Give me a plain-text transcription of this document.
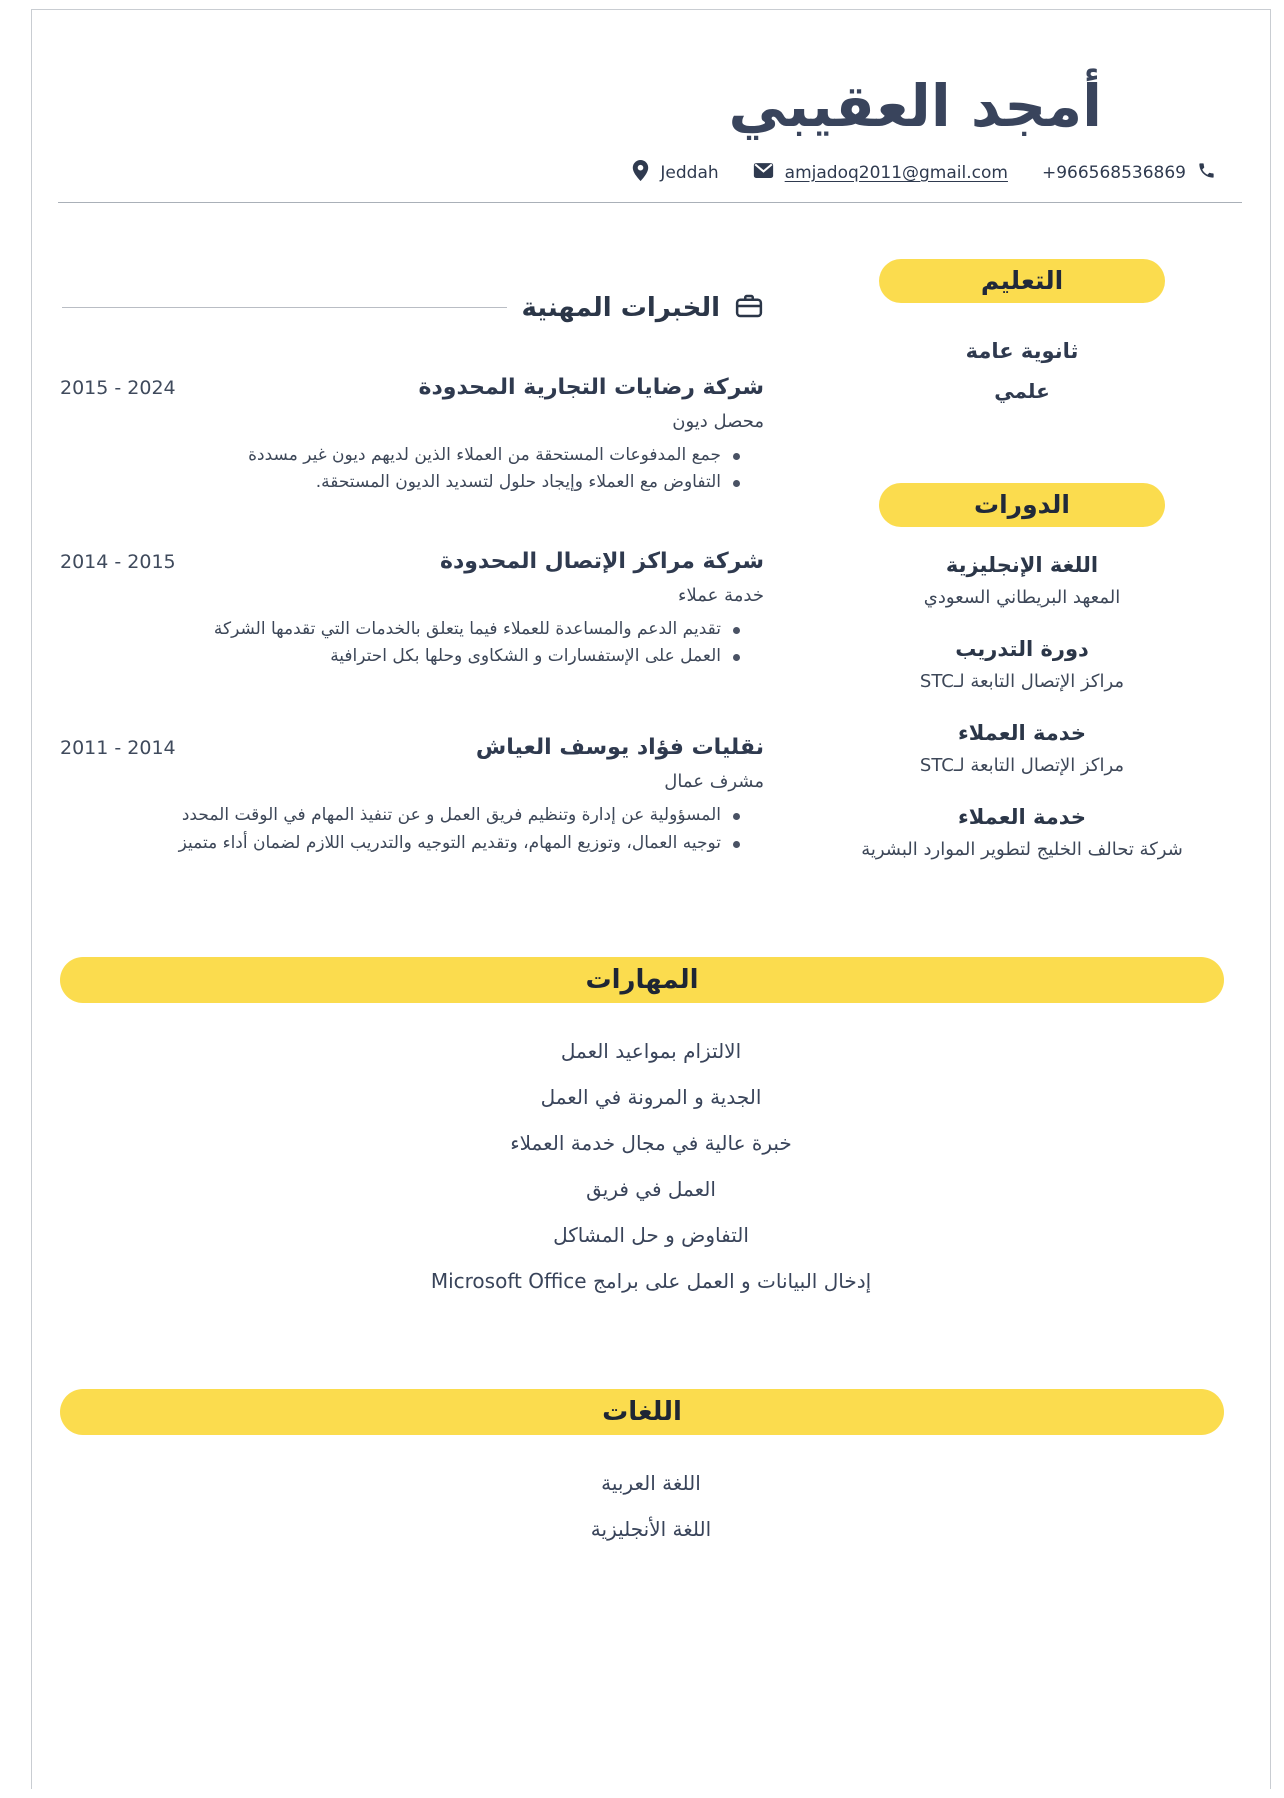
أمجد العقيبي
+966568536869
amjadoq2011@gmail.com
Jeddah
التعليم
ثانوية عامة
علمي
الدورات
اللغة الإنجليزية
المعهد البريطاني السعودي
دورة التدريب
مراكز الإتصال التابعة لـSTC
خدمة العملاء
مراكز الإتصال التابعة لـSTC
خدمة العملاء
شركة تحالف الخليج لتطوير الموارد البشرية
الخبرات المهنية
شركة رضايات التجارية المحدودة
2015 - 2024
محصل ديون
جمع المدفوعات المستحقة من العملاء الذين لديهم ديون غير مسددة
التفاوض مع العملاء وإيجاد حلول لتسديد الديون المستحقة.
شركة مراكز الإتصال المحدودة
2014 - 2015
خدمة عملاء
تقديم الدعم والمساعدة للعملاء فيما يتعلق بالخدمات التي تقدمها الشركة
العمل على الإستفسارات و الشكاوى وحلها بكل احترافية
نقليات فؤاد يوسف العياش
2011 - 2014
مشرف عمال
المسؤولية عن إدارة وتنظيم فريق العمل و عن تنفيذ المهام في الوقت المحدد
توجيه العمال، وتوزيع المهام، وتقديم التوجيه والتدريب اللازم لضمان أداء متميز
المهارات
الالتزام بمواعيد العمل
الجدية و المرونة في العمل
خبرة عالية في مجال خدمة العملاء
العمل في فريق
التفاوض و حل المشاكل
إدخال البيانات و العمل على برامج Microsoft Office
اللغات
اللغة العربية
اللغة الأنجليزية
